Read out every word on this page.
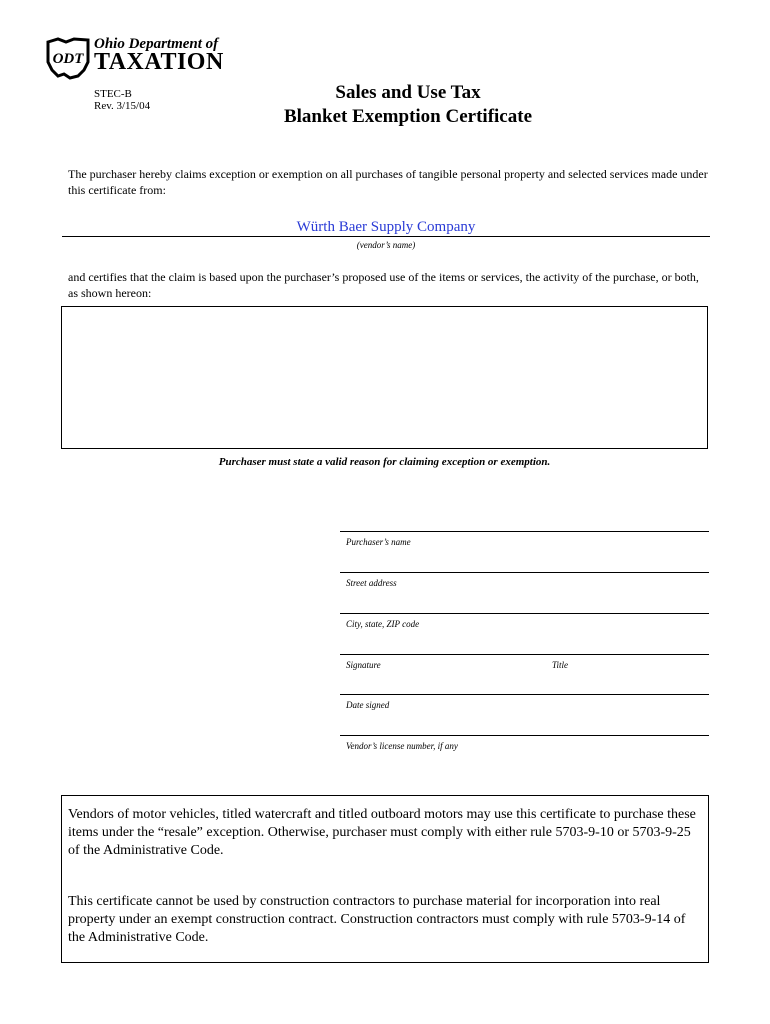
ODT
Ohio Department of
TAXATION
STEC-B
Rev. 3/15/04
Sales and Use Tax
Blanket Exemption Certificate
The purchaser hereby claims exception or exemption on all purchases of tangible personal property and selected services made under this certificate from:
Würth Baer Supply Company
(vendor’s name)
and certifies that the claim is based upon the purchaser’s proposed use of the items or services, the activity of the purchase, or both, as shown hereon:
Purchaser must state a valid reason for claiming exception or exemption.
Purchaser’s name
Street address
City, state, ZIP code
Signature	Title
Date signed
Vendor’s license number, if any
Vendors of motor vehicles, titled watercraft and titled outboard motors may use this certificate to purchase these items under the “resale” exception. Otherwise, purchaser must comply with either rule 5703-9-10 or 5703-9-25 of the Administrative Code.
This certificate cannot be used by construction contractors to purchase material for incorporation into real property under an exempt construction contract. Construction contractors must comply with rule 5703-9-14 of the Administrative Code.
